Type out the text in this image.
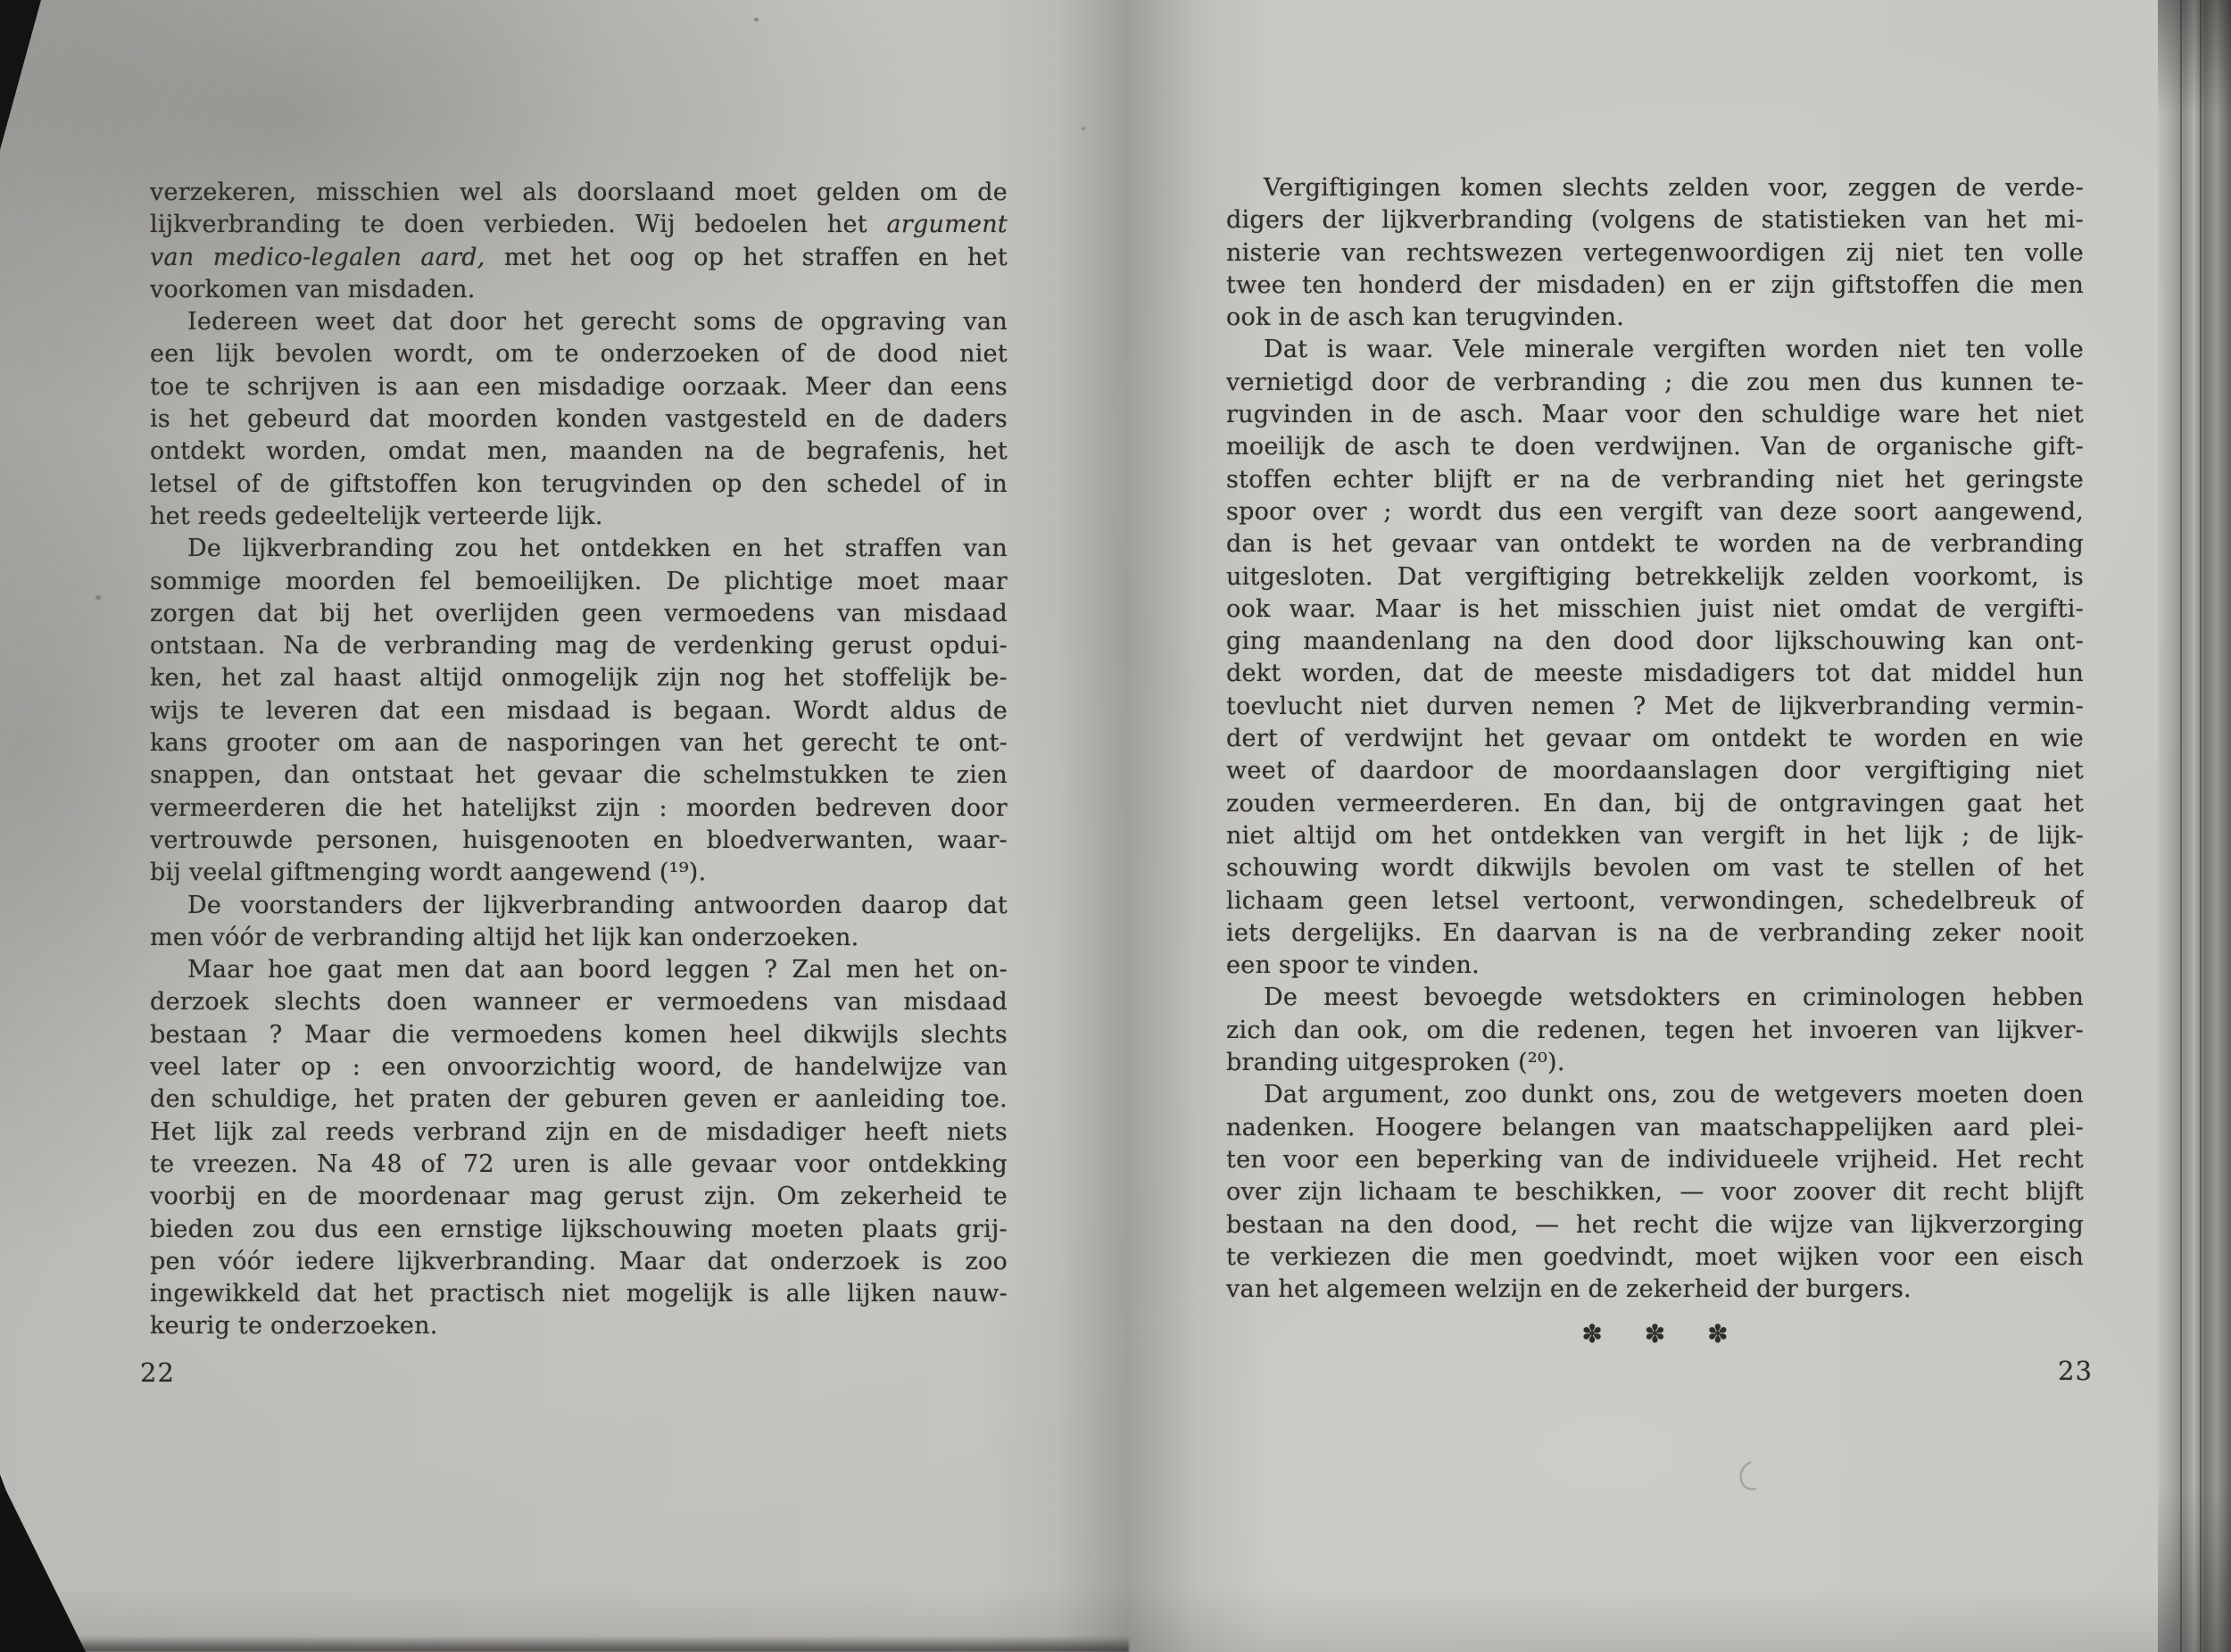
verzekeren, misschien wel als doorslaand moet gelden om de
lijkverbranding te doen verbieden. Wij bedoelen het argument
van medico-legalen aard, met het oog op het straffen en het
voorkomen van misdaden.
Iedereen weet dat door het gerecht soms de opgraving van
een lijk bevolen wordt, om te onderzoeken of de dood niet
toe te schrijven is aan een misdadige oorzaak. Meer dan eens
is het gebeurd dat moorden konden vastgesteld en de daders
ontdekt worden, omdat men, maanden na de begrafenis, het
letsel of de giftstoffen kon terugvinden op den schedel of in
het reeds gedeeltelijk verteerde lijk.
De lijkverbranding zou het ontdekken en het straffen van
sommige moorden fel bemoeilijken. De plichtige moet maar
zorgen dat bij het overlijden geen vermoedens van misdaad
ontstaan. Na de verbranding mag de verdenking gerust opdui-
ken, het zal haast altijd onmogelijk zijn nog het stoffelijk be-
wijs te leveren dat een misdaad is begaan. Wordt aldus de
kans grooter om aan de nasporingen van het gerecht te ont-
snappen, dan ontstaat het gevaar die schelmstukken te zien
vermeerderen die het hatelijkst zijn : moorden bedreven door
vertrouwde personen, huisgenooten en bloedverwanten, waar-
bij veelal giftmenging wordt aangewend (¹⁹).
De voorstanders der lijkverbranding antwoorden daarop dat
men vóór de verbranding altijd het lijk kan onderzoeken.
Maar hoe gaat men dat aan boord leggen ? Zal men het on-
derzoek slechts doen wanneer er vermoedens van misdaad
bestaan ? Maar die vermoedens komen heel dikwijls slechts
veel later op : een onvoorzichtig woord, de handelwijze van
den schuldige, het praten der geburen geven er aanleiding toe.
Het lijk zal reeds verbrand zijn en de misdadiger heeft niets
te vreezen. Na 48 of 72 uren is alle gevaar voor ontdekking
voorbij en de moordenaar mag gerust zijn. Om zekerheid te
bieden zou dus een ernstige lijkschouwing moeten plaats grij-
pen vóór iedere lijkverbranding. Maar dat onderzoek is zoo
ingewikkeld dat het practisch niet mogelijk is alle lijken nauw-
keurig te onderzoeken.
22
Vergiftigingen komen slechts zelden voor, zeggen de verde-
digers der lijkverbranding (volgens de statistieken van het mi-
nisterie van rechtswezen vertegenwoordigen zij niet ten volle
twee ten honderd der misdaden) en er zijn giftstoffen die men
ook in de asch kan terugvinden.
Dat is waar. Vele minerale vergiften worden niet ten volle
vernietigd door de verbranding ; die zou men dus kunnen te-
rugvinden in de asch. Maar voor den schuldige ware het niet
moeilijk de asch te doen verdwijnen. Van de organische gift-
stoffen echter blijft er na de verbranding niet het geringste
spoor over ; wordt dus een vergift van deze soort aangewend,
dan is het gevaar van ontdekt te worden na de verbranding
uitgesloten. Dat vergiftiging betrekkelijk zelden voorkomt, is
ook waar. Maar is het misschien juist niet omdat de vergifti-
ging maandenlang na den dood door lijkschouwing kan ont-
dekt worden, dat de meeste misdadigers tot dat middel hun
toevlucht niet durven nemen ? Met de lijkverbranding vermin-
dert of verdwijnt het gevaar om ontdekt te worden en wie
weet of daardoor de moordaanslagen door vergiftiging niet
zouden vermeerderen. En dan, bij de ontgravingen gaat het
niet altijd om het ontdekken van vergift in het lijk ; de lijk-
schouwing wordt dikwijls bevolen om vast te stellen of het
lichaam geen letsel vertoont, verwondingen, schedelbreuk of
iets dergelijks. En daarvan is na de verbranding zeker nooit
een spoor te vinden.
De meest bevoegde wetsdokters en criminologen hebben
zich dan ook, om die redenen, tegen het invoeren van lijkver-
branding uitgesproken (²⁰).
Dat argument, zoo dunkt ons, zou de wetgevers moeten doen
nadenken. Hoogere belangen van maatschappelijken aard plei-
ten voor een beperking van de individueele vrijheid. Het recht
over zijn lichaam te beschikken, — voor zoover dit recht blijft
bestaan na den dood, — het recht die wijze van lijkverzorging
te verkiezen die men goedvindt, moet wijken voor een eisch
van het algemeen welzijn en de zekerheid der burgers.
✽ ✽ ✽
23
